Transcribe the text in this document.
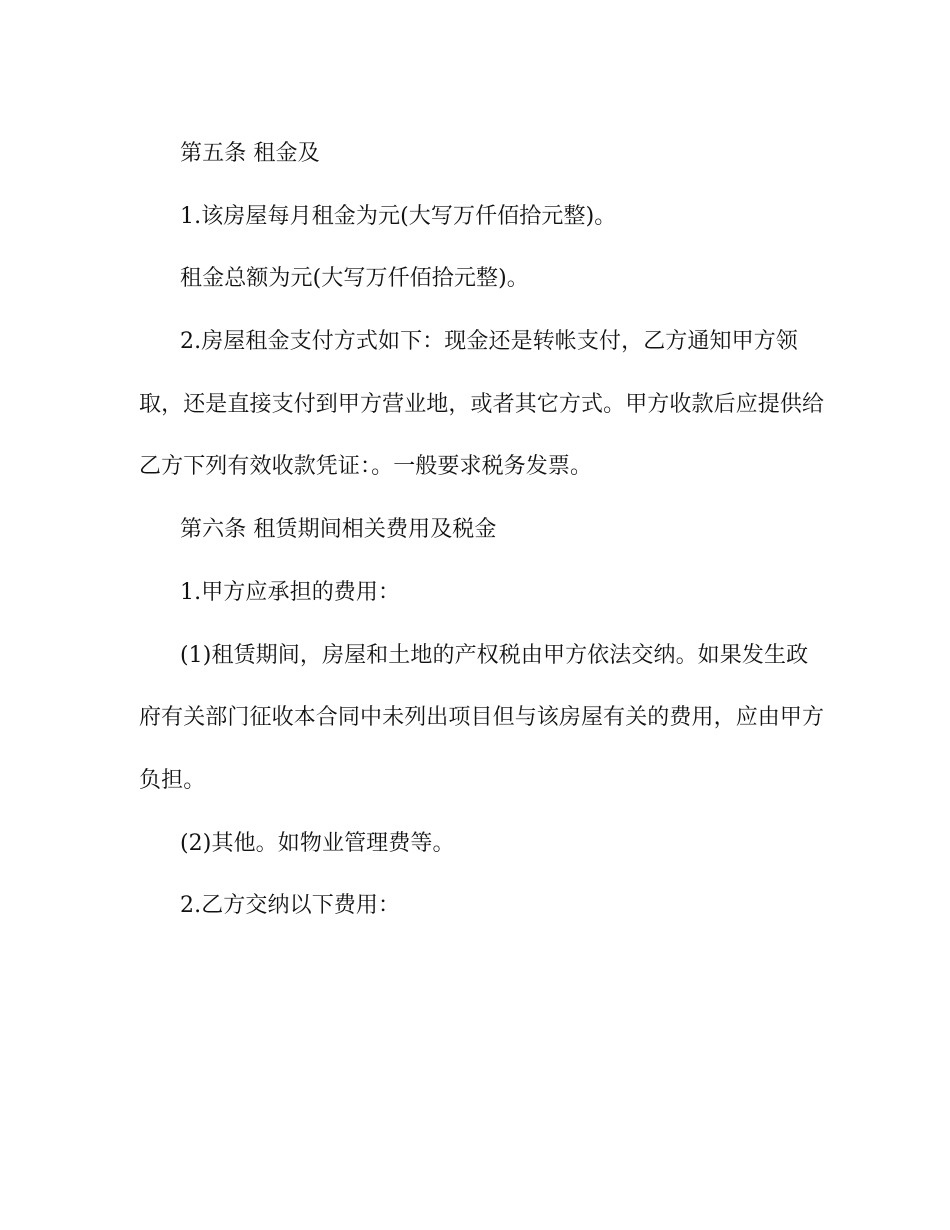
第五条 租金及
1.该房屋每月租金为元(大写万仟佰拾元整)。
租金总额为元(大写万仟佰拾元整)。
2.房屋租金支付方式如下：现金还是转帐支付，乙方通知甲方领
取，还是直接支付到甲方营业地，或者其它方式。甲方收款后应提供给
乙方下列有效收款凭证：。一般要求税务发票。
第六条 租赁期间相关费用及税金
1.甲方应承担的费用：
(1)租赁期间，房屋和土地的产权税由甲方依法交纳。如果发生政
府有关部门征收本合同中未列出项目但与该房屋有关的费用，应由甲方
负担。
(2)其他。如物业管理费等。
2.乙方交纳以下费用：
